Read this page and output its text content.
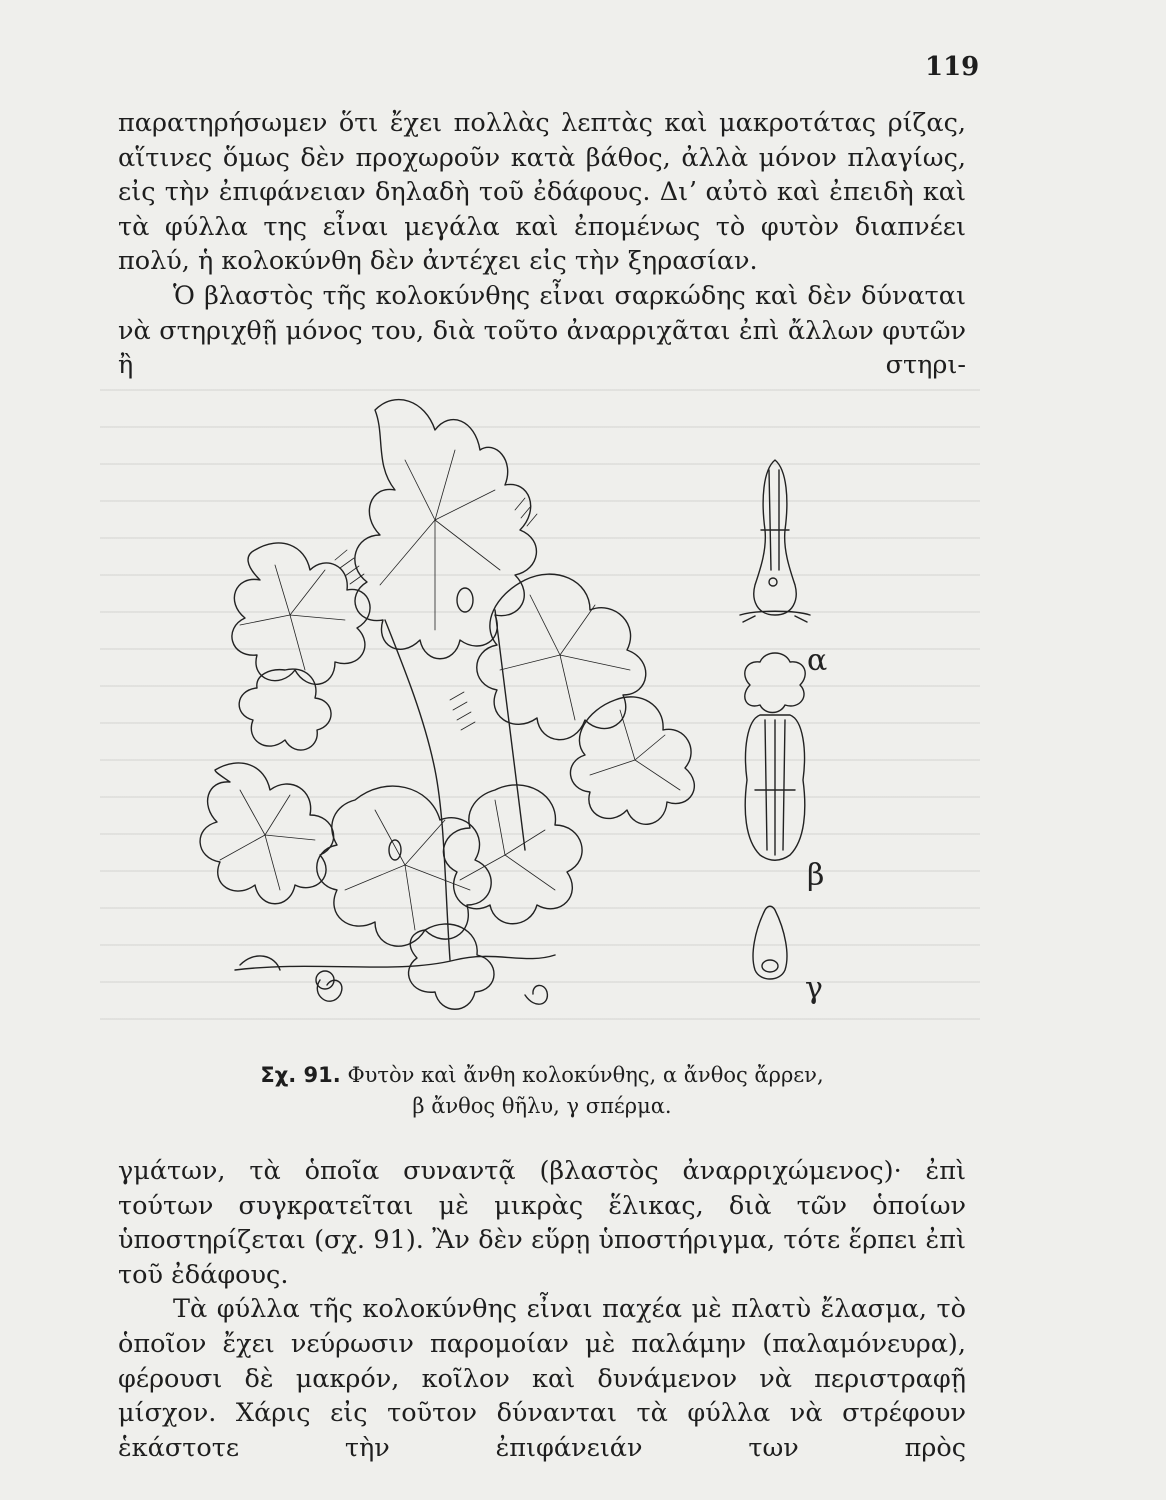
119

παρατηρήσωμεν ὅτι ἔχει πολλὰς λεπτὰς καὶ μακροτάτας ρίζας, αἵτινες ὅμως δὲν προχωροῦν κατὰ βάθος, ἀλλὰ μόνον πλαγίως, εἰς τὴν ἐπιφάνειαν δηλαδὴ τοῦ ἐδάφους. Διʼ αὐτὸ καὶ ἐπειδὴ καὶ τὰ φύλλα της εἶναι μεγάλα καὶ ἐπομένως τὸ φυτὸν διαπνέει πολύ, ἡ κολοκύνθη δὲν ἀντέχει εἰς τὴν ξηρασίαν.

Ὁ βλαστὸς τῆς κολοκύνθης εἶναι σαρκώδης καὶ δὲν δύναται νὰ στηριχθῇ μόνος του, διὰ τοῦτο ἀναρριχᾶται ἐπὶ ἄλλων φυτῶν ἢ στηρι-

α
β
γ
Σχ. 91. Φυτὸν καὶ ἄνθη κολοκύνθης, α ἄνθος ἄρρεν,
β ἄνθος θῆλυ, γ σπέρμα.

γμάτων, τὰ ὁποῖα συναντᾷ (βλαστὸς ἀναρριχώμενος)· ἐπὶ τούτων συγκρατεῖται μὲ μικρὰς ἕλικας, διὰ τῶν ὁποίων ὑποστηρίζεται (σχ. 91). Ἂν δὲν εὕρῃ ὑποστήριγμα, τότε ἕρπει ἐπὶ τοῦ ἐδάφους.

Τὰ φύλλα τῆς κολοκύνθης εἶναι παχέα μὲ πλατὺ ἔλασμα, τὸ ὁποῖον ἔχει νεύρωσιν παρομοίαν μὲ παλάμην (παλαμόνευρα), φέρουσι δὲ μακρόν, κοῖλον καὶ δυνάμενον νὰ περιστραφῇ μίσχον. Χάρις εἰς τοῦτον δύνανται τὰ φύλλα νὰ στρέφουν ἑκάστοτε τὴν ἐπιφάνειάν των πρὸς
